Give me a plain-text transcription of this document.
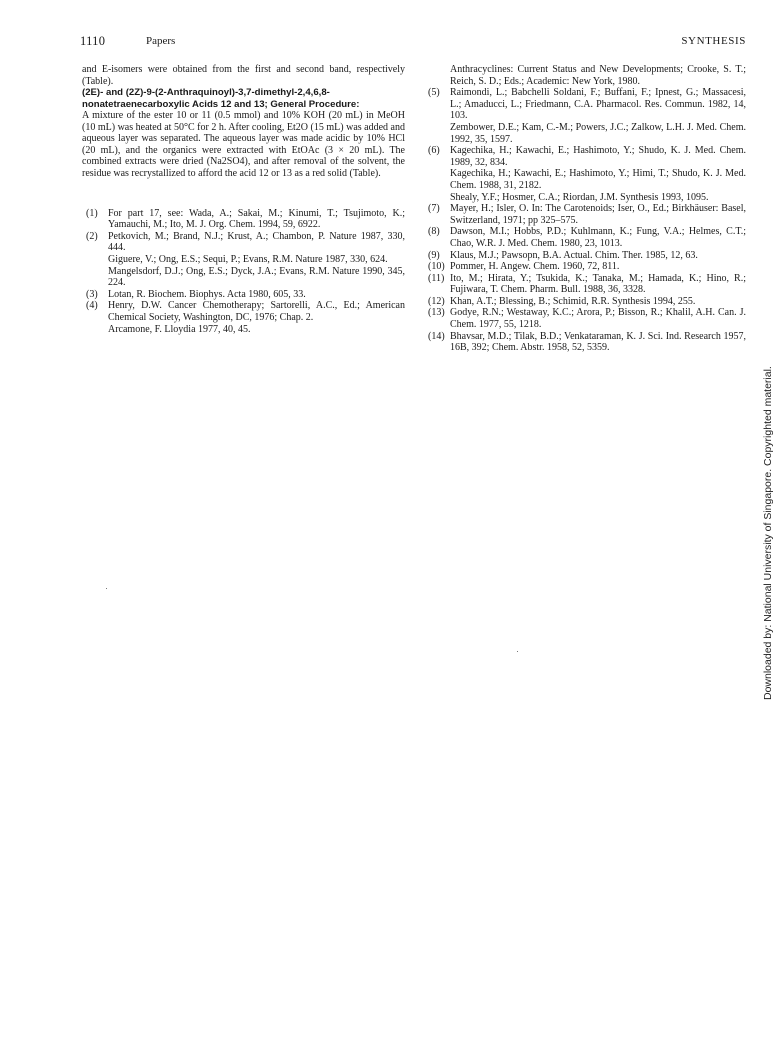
1110	Papers	SYNTHESIS

and E-isomers were obtained from the first and second band, respectively (Table).

(2E)- and (2Z)-9-(2-Anthraquinoyl)-3,7-dimethyl-2,4,6,8-nonatetraenecarboxylic Acids 12 and 13; General Procedure:

A mixture of the ester 10 or 11 (0.5 mmol) and 10% KOH (20 mL) in MeOH (10 mL) was heated at 50°C for 2 h. After cooling, Et2O (15 mL) was added and aqueous layer was separated. The aqueous layer was made acidic by 10% HCl (20 mL), and the organics were extracted with EtOAc (3 × 20 mL). The combined extracts were dried (Na2SO4), and after removal of the solvent, the residue was recrystallized to afford the acid 12 or 13 as a red solid (Table).

(1) For part 17, see: Wada, A.; Sakai, M.; Kinumi, T.; Tsujimoto, K.; Yamauchi, M.; Ito, M. J. Org. Chem. 1994, 59, 6922.
(2) Petkovich, M.; Brand, N.J.; Krust, A.; Chambon, P. Nature 1987, 330, 444.
Giguere, V.; Ong, E.S.; Sequi, P.; Evans, R.M. Nature 1987, 330, 624.
Mangelsdorf, D.J.; Ong, E.S.; Dyck, J.A.; Evans, R.M. Nature 1990, 345, 224.
(3) Lotan, R. Biochem. Biophys. Acta 1980, 605, 33.
(4) Henry, D.W. Cancer Chemotherapy; Sartorelli, A.C., Ed.; American Chemical Society, Washington, DC, 1976; Chap. 2.
Arcamone, F. Lloydia 1977, 40, 45.
Anthracyclines: Current Status and New Developments; Crooke, S. T.; Reich, S. D.; Eds.; Academic: New York, 1980.
(5) Raimondi, L.; Babchelli Soldani, F.; Buffani, F.; Ipnest, G.; Massacesi, L.; Amaducci, L.; Friedmann, C.A. Pharmacol. Res. Commun. 1982, 14, 103.
Zembower, D.E.; Kam, C.-M.; Powers, J.C.; Zalkow, L.H. J. Med. Chem. 1992, 35, 1597.
(6) Kagechika, H.; Kawachi, E.; Hashimoto, Y.; Shudo, K. J. Med. Chem. 1989, 32, 834.
Kagechika, H.; Kawachi, E.; Hashimoto, Y.; Himi, T.; Shudo, K. J. Med. Chem. 1988, 31, 2182.
Shealy, Y.F.; Hosmer, C.A.; Riordan, J.M. Synthesis 1993, 1095.
(7) Mayer, H.; Isler, O. In: The Carotenoids; Iser, O., Ed.; Birkhäuser: Basel, Switzerland, 1971; pp 325–575.
(8) Dawson, M.I.; Hobbs, P.D.; Kuhlmann, K.; Fung, V.A.; Helmes, C.T.; Chao, W.R. J. Med. Chem. 1980, 23, 1013.
(9) Klaus, M.J.; Pawsopn, B.A. Actual. Chim. Ther. 1985, 12, 63.
(10) Pommer, H. Angew. Chem. 1960, 72, 811.
(11) Ito, M.; Hirata, Y.; Tsukida, K.; Tanaka, M.; Hamada, K.; Hino, R.; Fujiwara, T. Chem. Pharm. Bull. 1988, 36, 3328.
(12) Khan, A.T.; Blessing, B.; Schimid, R.R. Synthesis 1994, 255.
(13) Godye, R.N.; Westaway, K.C.; Arora, P.; Bisson, R.; Khalil, A.H. Can. J. Chem. 1977, 55, 1218.
(14) Bhavsar, M.D.; Tilak, B.D.; Venkataraman, K. J. Sci. Ind. Research 1957, 16B, 392; Chem. Abstr. 1958, 52, 5359.
Downloaded by: National University of Singapore. Copyrighted material.
